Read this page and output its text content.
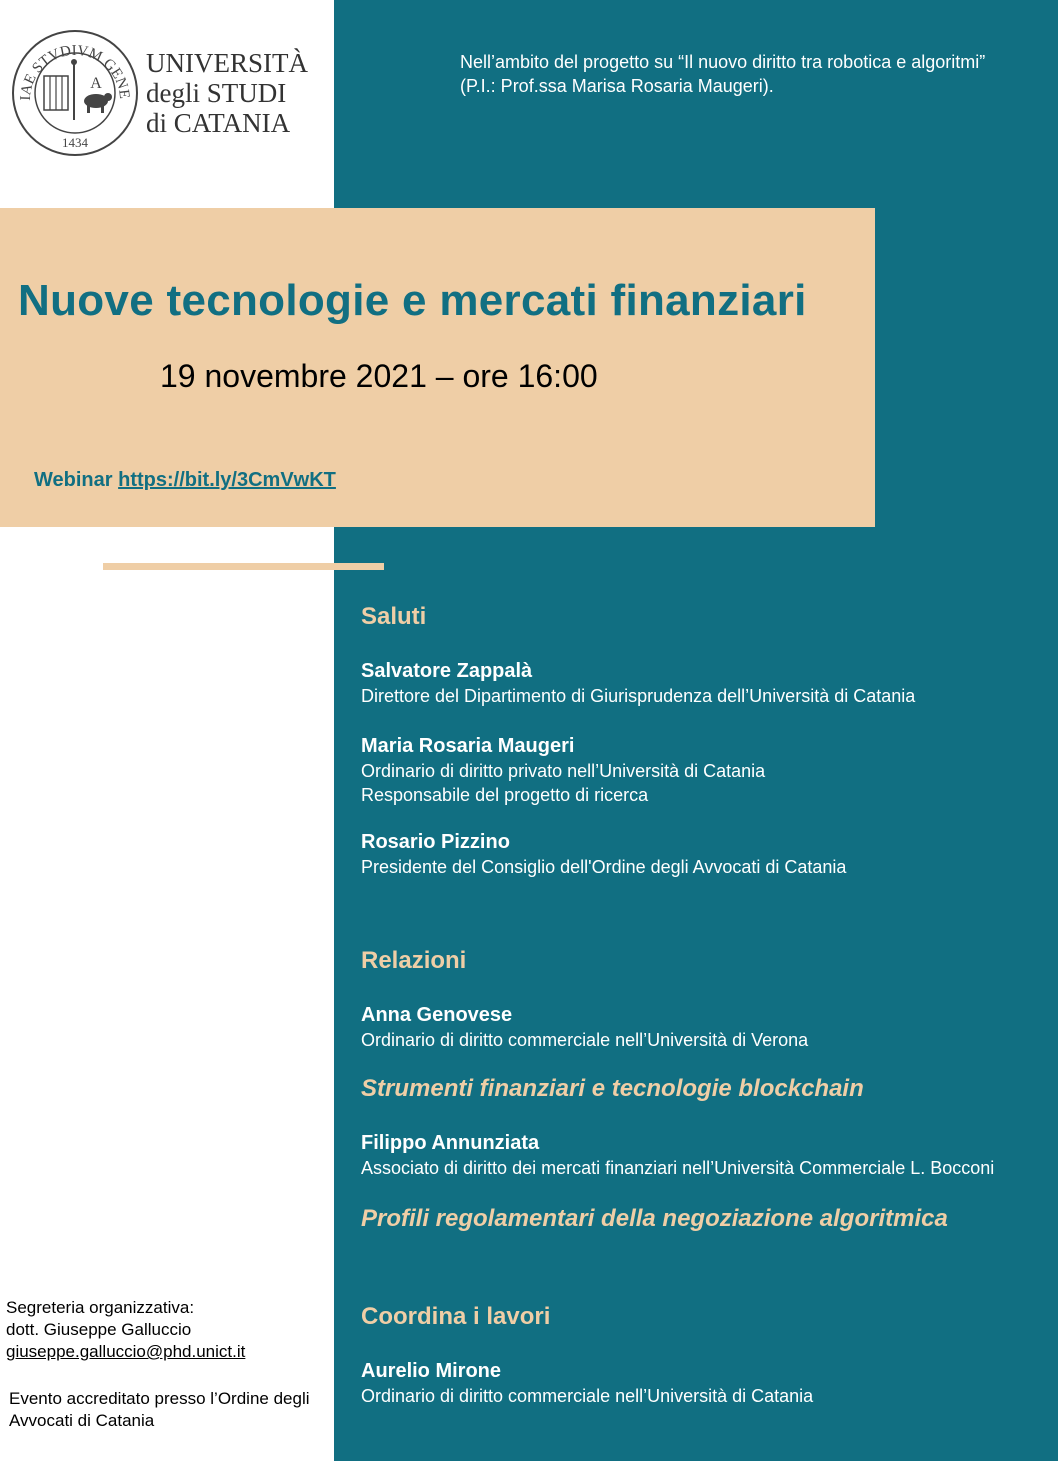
IAE STVDIVM GENE
1434
A
UNIVERSITÀ
degli STUDI
di CATANIA
Nell’ambito del progetto su “Il nuovo diritto tra robotica e algoritmi”
(P.I.: Prof.ssa Marisa Rosaria Maugeri).
Nuove tecnologie e mercati finanziari
19 novembre 2021 – ore 16:00
Webinar https://bit.ly/3CmVwKT
Saluti
Salvatore Zappalà
Direttore del Dipartimento di Giurisprudenza dell’Università di Catania
Maria Rosaria Maugeri
Ordinario di diritto privato nell’Università di Catania
Responsabile del progetto di ricerca
Rosario Pizzino
Presidente del Consiglio dell'Ordine degli Avvocati di Catania
Relazioni
Anna Genovese
Ordinario di diritto commerciale nell’Università di Verona
Strumenti finanziari e tecnologie blockchain
Filippo Annunziata
Associato di diritto dei mercati finanziari nell’Università Commerciale L. Bocconi
Profili regolamentari della negoziazione algoritmica
Coordina i lavori
Aurelio Mirone
Ordinario di diritto commerciale nell’Università di Catania
Segreteria organizzativa:
dott. Giuseppe Galluccio
giuseppe.galluccio@phd.unict.it
Evento accreditato presso l’Ordine degli
Avvocati di Catania
